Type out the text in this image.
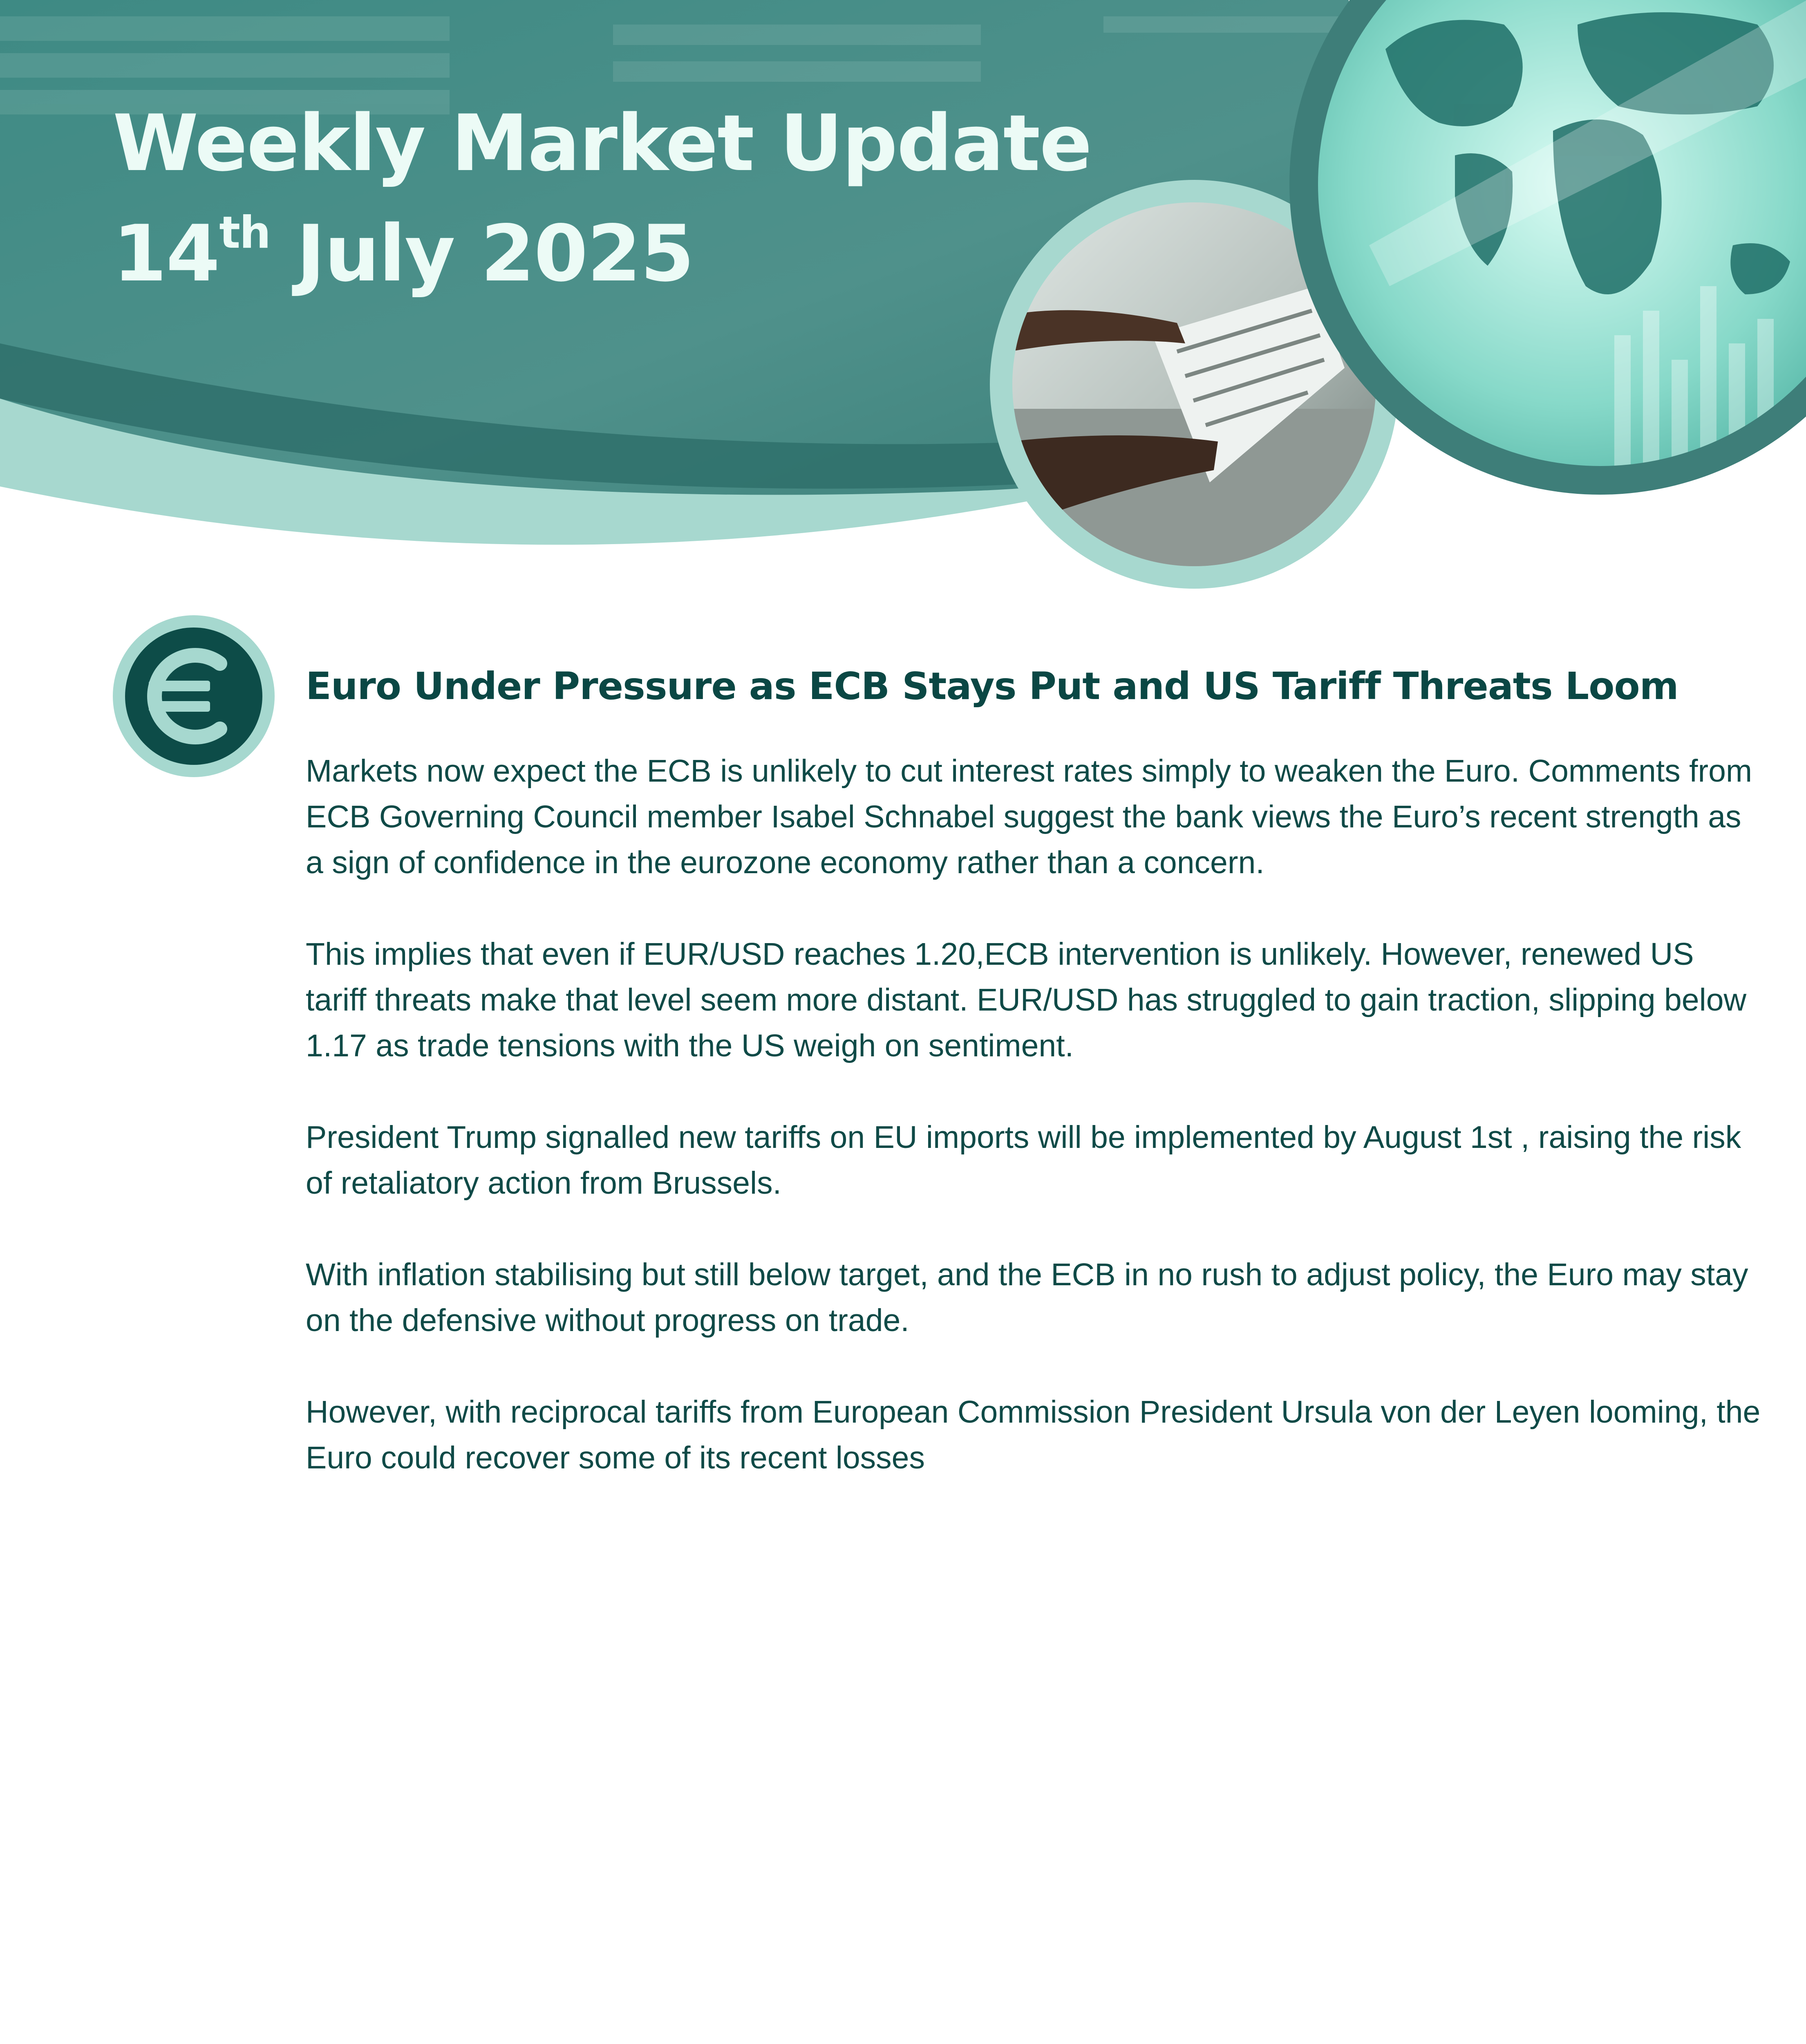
Weekly Market Update
14th July 2025
Euro Under Pressure as ECB Stays Put and US Tariff Threats Loom

Markets now expect the ECB is unlikely to cut interest rates simply to weaken the Euro. Comments from ECB Governing Council member Isabel Schnabel suggest the bank views the Euro’s recent strength as a sign of confidence in the eurozone economy rather than a concern.

This implies that even if EUR/USD reaches 1.20,ECB intervention is unlikely. However, renewed US tariff threats make that level seem more distant. EUR/USD has struggled to gain traction, slipping below 1.17 as trade tensions with the US weigh on sentiment.

President Trump signalled new tariffs on EU imports will be implemented by August 1st , raising the risk of retaliatory action from Brussels.

With inflation stabilising but still below target, and the ECB in no rush to adjust policy, the Euro may stay on the defensive without progress on trade.

However, with reciprocal tariffs from European Commission President Ursula von der Leyen looming, the Euro could recover some of its recent losses
